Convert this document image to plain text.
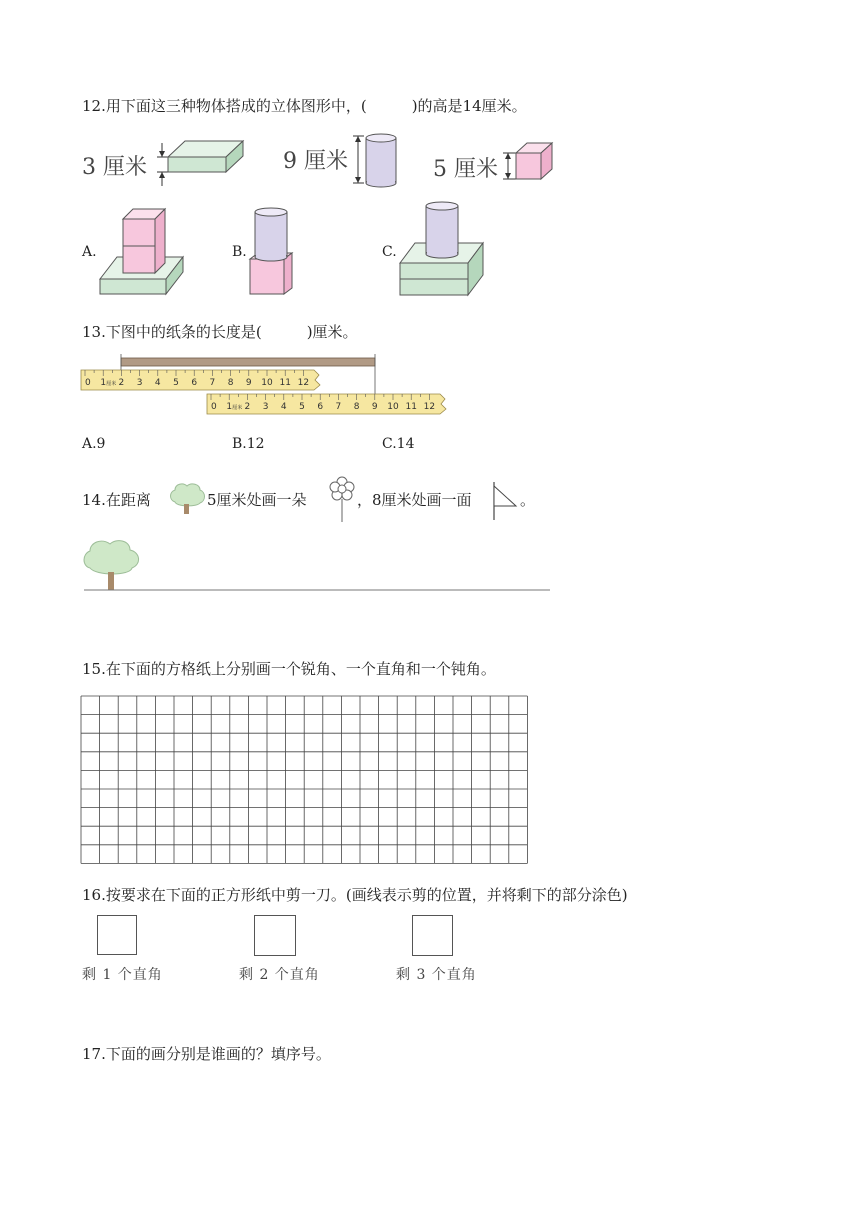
12.用下面这三种物体搭成的立体图形中，(　　　)的高是14厘米。
3 厘米	9 厘米	5 厘米
A.	B.	C.
13.下图中的纸条的长度是(　　　)厘米。
0 1 厘米 2 3 4 5 6 7 8 9 10 11 12
0 1 厘米 2 3 4 5 6 7 8 9 10 11 12
A.9	B.12	C.14
14.在距离	5厘米处画一朵	，8厘米处画一面	。
15.在下面的方格纸上分别画一个锐角、一个直角和一个钝角。
16.按要求在下面的正方形纸中剪一刀。(画线表示剪的位置，并将剩下的部分涂色)
剩 1 个直角	剩 2 个直角	剩 3 个直角
17.下面的画分别是谁画的？填序号。
